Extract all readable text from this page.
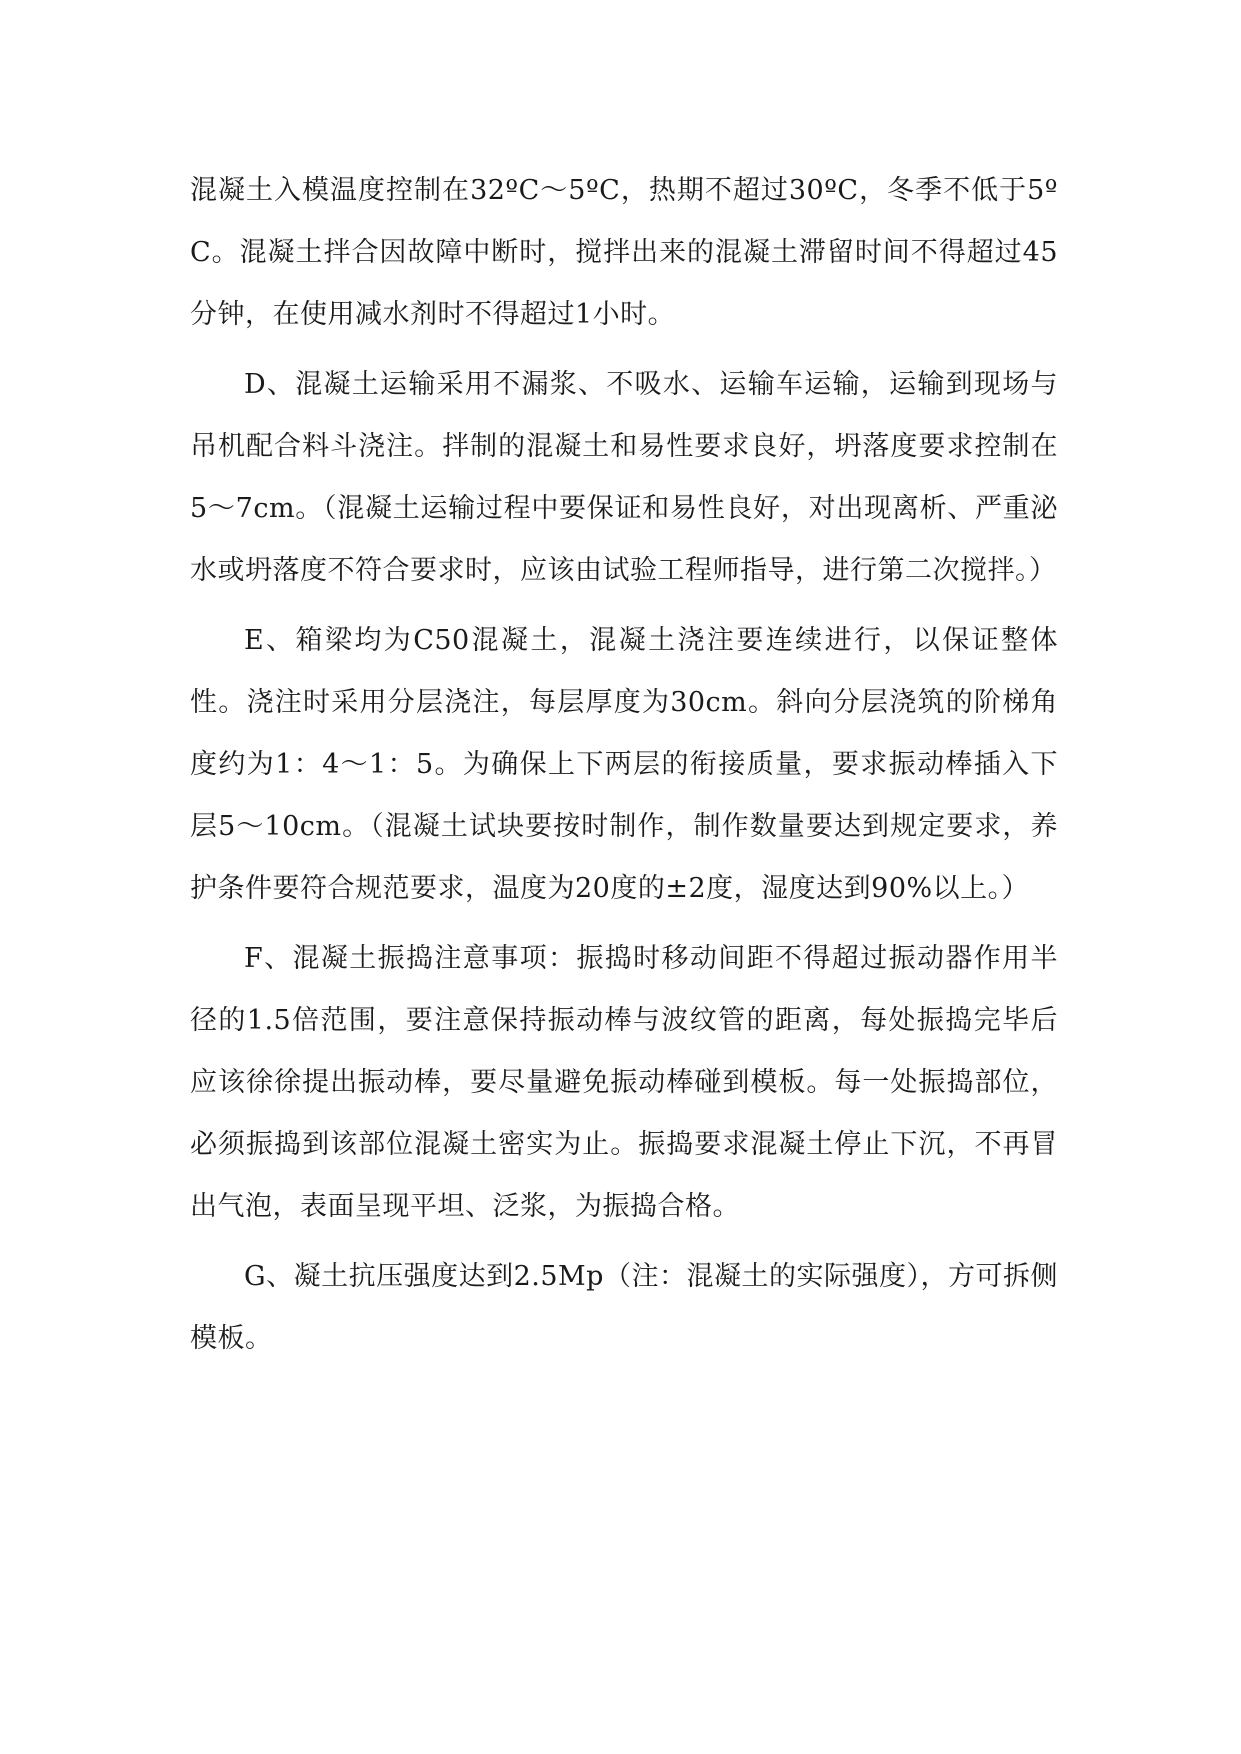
混凝土入模温度控制在32ºC～5ºC，热期不超过30ºC，冬季不低于5ºC。混凝土拌合因故障中断时，搅拌出来的混凝土滞留时间不得超过45分钟，在使用减水剂时不得超过1小时。

D、混凝土运输采用不漏浆、不吸水、运输车运输，运输到现场与吊机配合料斗浇注。拌制的混凝土和易性要求良好，坍落度要求控制在5～7cm。（混凝土运输过程中要保证和易性良好，对出现离析、严重泌水或坍落度不符合要求时，应该由试验工程师指导，进行第二次搅拌。）

E、箱梁均为C50混凝土，混凝土浇注要连续进行，以保证整体性。浇注时采用分层浇注，每层厚度为30cm。斜向分层浇筑的阶梯角度约为1：4～1：5。为确保上下两层的衔接质量，要求振动棒插入下层5～10cm。（混凝土试块要按时制作，制作数量要达到规定要求，养护条件要符合规范要求，温度为20度的±2度，湿度达到90%以上。）

F、混凝土振捣注意事项：振捣时移动间距不得超过振动器作用半径的1.5倍范围，要注意保持振动棒与波纹管的距离，每处振捣完毕后应该徐徐提出振动棒，要尽量避免振动棒碰到模板。每一处振捣部位，必须振捣到该部位混凝土密实为止。振捣要求混凝土停止下沉，不再冒出气泡，表面呈现平坦、泛浆，为振捣合格。

G、凝土抗压强度达到2.5Mp（注：混凝土的实际强度），方可拆侧模板。
